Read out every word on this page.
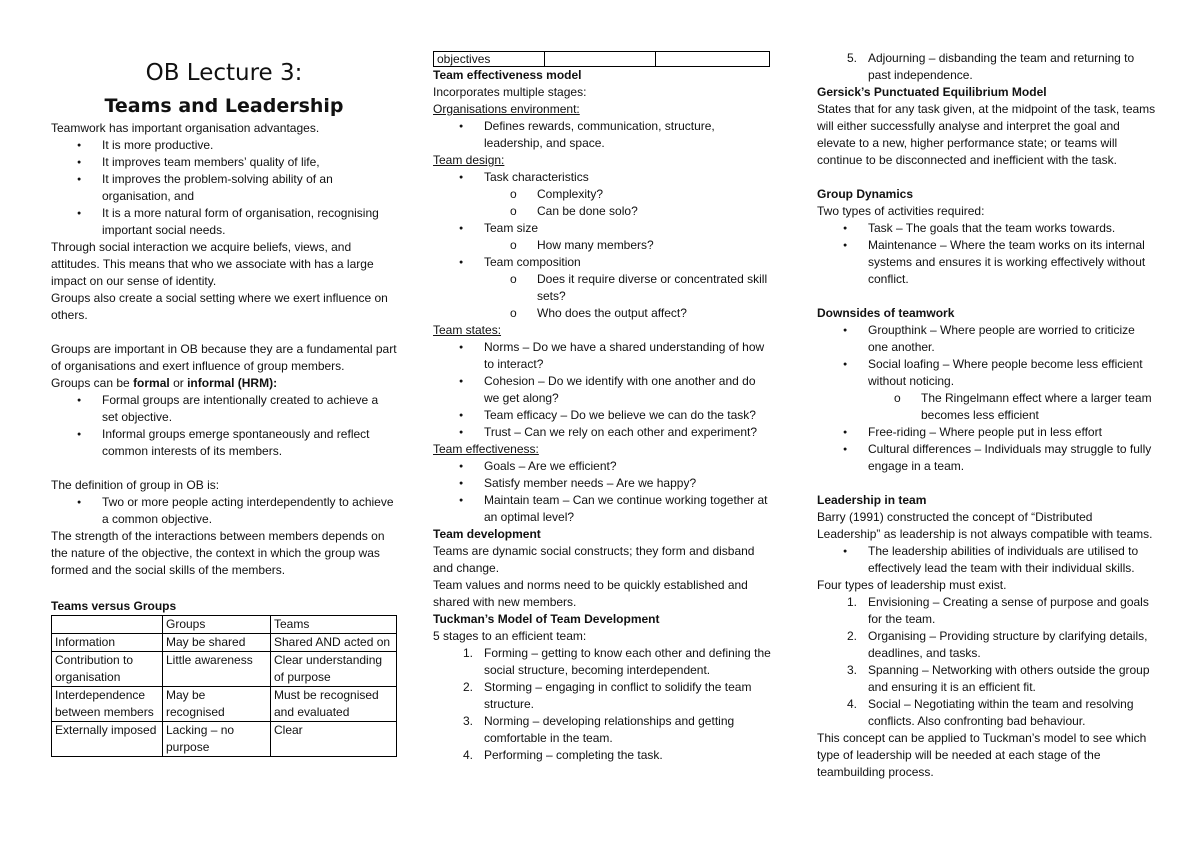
OB Lecture 3:
Teams and Leadership

Teamwork has important organisation advantages.

● It is more productive.
● It improves team members’ quality of life,
● It improves the problem-solving ability of an organisation, and
● It is a more natural form of organisation, recognising important social needs.

Through social interaction we acquire beliefs, views, and attitudes. This means that who we associate with has a large impact on our sense of identity.

Groups also create a social setting where we exert influence on others.

Groups are important in OB because they are a fundamental part of organisations and exert influence of group members.

Groups can be formal or informal (HRM):

● Formal groups are intentionally created to achieve a set objective.
● Informal groups emerge spontaneously and reflect common interests of its members.

The definition of group in OB is:

● Two or more people acting interdependently to achieve a common objective.

The strength of the interactions between members depends on the nature of the objective, the context in which the group was formed and the social skills of the members.

Teams versus Groups

	Groups	Teams
Information	May be shared	Shared AND acted on
Contribution to organisation	Little awareness	Clear understanding of purpose
Interdependence between members	May be recognised	Must be recognised and evaluated
Externally imposed	Lacking – no purpose	Clear
objectives		

Team effectiveness model

Incorporates multiple stages:

Organisations environment:

● Defines rewards, communication, structure, leadership, and space.

Team design:

● Task characteristics
o Complexity?
o Can be done solo?
● Team size
o How many members?
● Team composition
o Does it require diverse or concentrated skill sets?
o Who does the output affect?

Team states:

● Norms – Do we have a shared understanding of how to interact?
● Cohesion – Do we identify with one another and do we get along?
● Team efficacy – Do we believe we can do the task?
● Trust – Can we rely on each other and experiment?

Team effectiveness:

● Goals – Are we efficient?
● Satisfy member needs – Are we happy?
● Maintain team – Can we continue working together at an optimal level?

Team development

Teams are dynamic social constructs; they form and disband and change.

Team values and norms need to be quickly established and shared with new members.

Tuckman’s Model of Team Development

5 stages to an efficient team:

1. Forming – getting to know each other and defining the social structure, becoming interdependent.
2. Storming – engaging in conflict to solidify the team structure.
3. Norming – developing relationships and getting comfortable in the team.
4. Performing – completing the task.
5. Adjourning – disbanding the team and returning to past independence.

Gersick’s Punctuated Equilibrium Model

States that for any task given, at the midpoint of the task, teams will either successfully analyse and interpret the goal and elevate to a new, higher performance state; or teams will continue to be disconnected and inefficient with the task.

Group Dynamics

Two types of activities required:

● Task – The goals that the team works towards.
● Maintenance – Where the team works on its internal systems and ensures it is working effectively without conflict.

Downsides of teamwork

● Groupthink – Where people are worried to criticize one another.
● Social loafing – Where people become less efficient without noticing.
o The Ringelmann effect where a larger team becomes less efficient
● Free-riding – Where people put in less effort
● Cultural differences – Individuals may struggle to fully engage in a team.

Leadership in team

Barry (1991) constructed the concept of “Distributed Leadership” as leadership is not always compatible with teams.

● The leadership abilities of individuals are utilised to effectively lead the team with their individual skills.

Four types of leadership must exist.

1. Envisioning – Creating a sense of purpose and goals for the team.
2. Organising – Providing structure by clarifying details, deadlines, and tasks.
3. Spanning – Networking with others outside the group and ensuring it is an efficient fit.
4. Social – Negotiating within the team and resolving conflicts. Also confronting bad behaviour.

This concept can be applied to Tuckman’s model to see which type of leadership will be needed at each stage of the teambuilding process.
